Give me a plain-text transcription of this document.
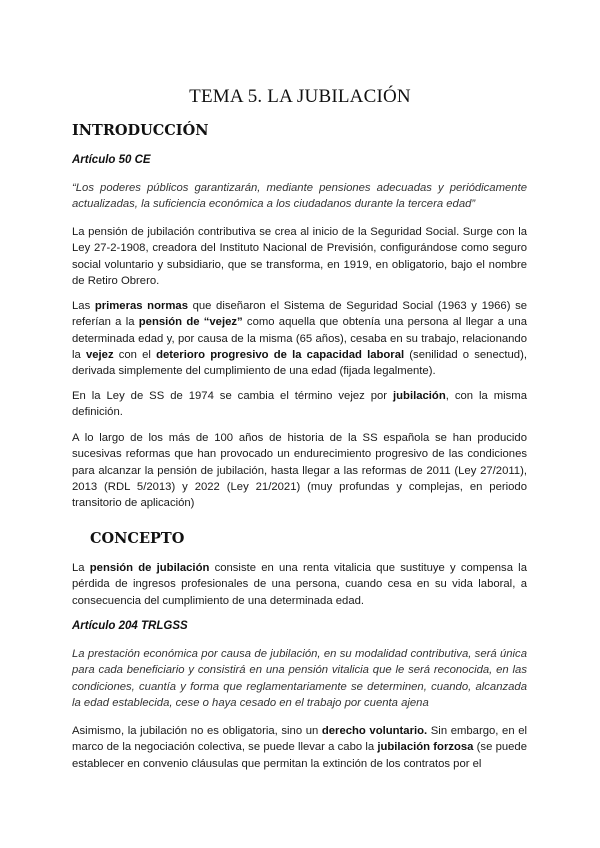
TEMA 5. LA JUBILACIÓN
INTRODUCCIÓN
Artículo 50 CE
“Los poderes públicos garantizarán, mediante pensiones adecuadas y periódicamente actualizadas, la suficiencia económica a los ciudadanos durante la tercera edad”
La pensión de jubilación contributiva se crea al inicio de la Seguridad Social. Surge con la Ley 27-2-1908, creadora del Instituto Nacional de Previsión, configurándose como seguro social voluntario y subsidiario, que se transforma, en 1919, en obligatorio, bajo el nombre de Retiro Obrero.
Las primeras normas que diseñaron el Sistema de Seguridad Social (1963 y 1966) se referían a la pensión de “vejez” como aquella que obtenía una persona al llegar a una determinada edad y, por causa de la misma (65 años), cesaba en su trabajo, relacionando la vejez con el deterioro progresivo de la capacidad laboral (senilidad o senectud), derivada simplemente del cumplimiento de una edad (fijada legalmente).
En la Ley de SS de 1974 se cambia el término vejez por jubilación, con la misma definición.
A lo largo de los más de 100 años de historia de la SS española se han producido sucesivas reformas que han provocado un endurecimiento progresivo de las condiciones para alcanzar la pensión de jubilación, hasta llegar a las reformas de 2011 (Ley 27/2011), 2013 (RDL 5/2013) y 2022 (Ley 21/2021) (muy profundas y complejas, en periodo transitorio de aplicación)
CONCEPTO
La pensión de jubilación consiste en una renta vitalicia que sustituye y compensa la pérdida de ingresos profesionales de una persona, cuando cesa en su vida laboral, a consecuencia del cumplimiento de una determinada edad.
Artículo 204 TRLGSS
La prestación económica por causa de jubilación, en su modalidad contributiva, será única para cada beneficiario y consistirá en una pensión vitalicia que le será reconocida, en las condiciones, cuantía y forma que reglamentariamente se determinen, cuando, alcanzada la edad establecida, cese o haya cesado en el trabajo por cuenta ajena
Asimismo, la jubilación no es obligatoria, sino un derecho voluntario. Sin embargo, en el marco de la negociación colectiva, se puede llevar a cabo la jubilación forzosa (se puede establecer en convenio cláusulas que permitan la extinción de los contratos por el
